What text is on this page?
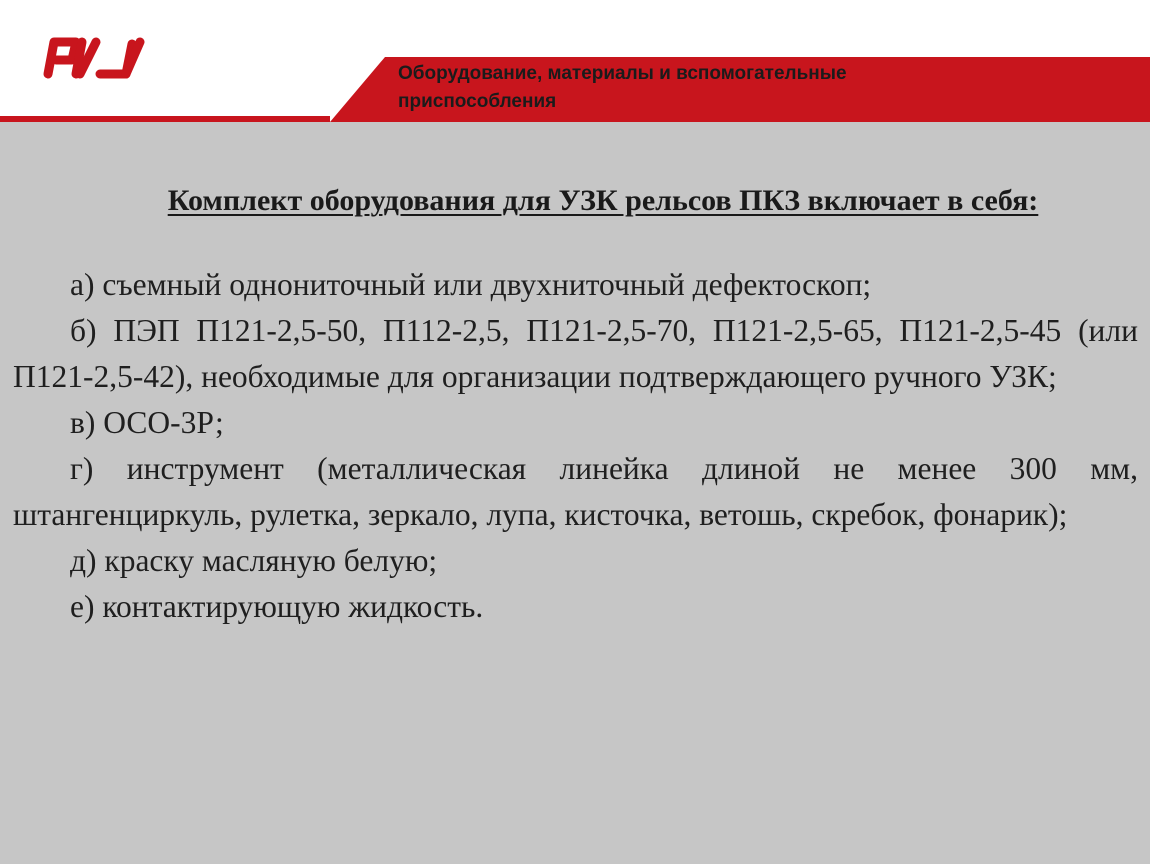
Оборудование, материалы и вспомогательные
приспособления
Комплект оборудования для УЗК рельсов ПКЗ включает в себя:

а) съемный однониточный или двухниточный дефектоскоп;

б) ПЭП П121-2,5-50, П112-2,5, П121-2,5-70, П121-2,5-65, П121-2,5-45 (или П121-2,5-42), необходимые для организации подтверждающего ручного УЗК;

в) ОСО-3Р;

г) инструмент (металлическая линейка длиной не менее 300 мм, штангенциркуль, рулетка, зеркало, лупа, кисточка, ветошь, скребок, фонарик);

д) краску масляную белую;

е) контактирующую жидкость.
